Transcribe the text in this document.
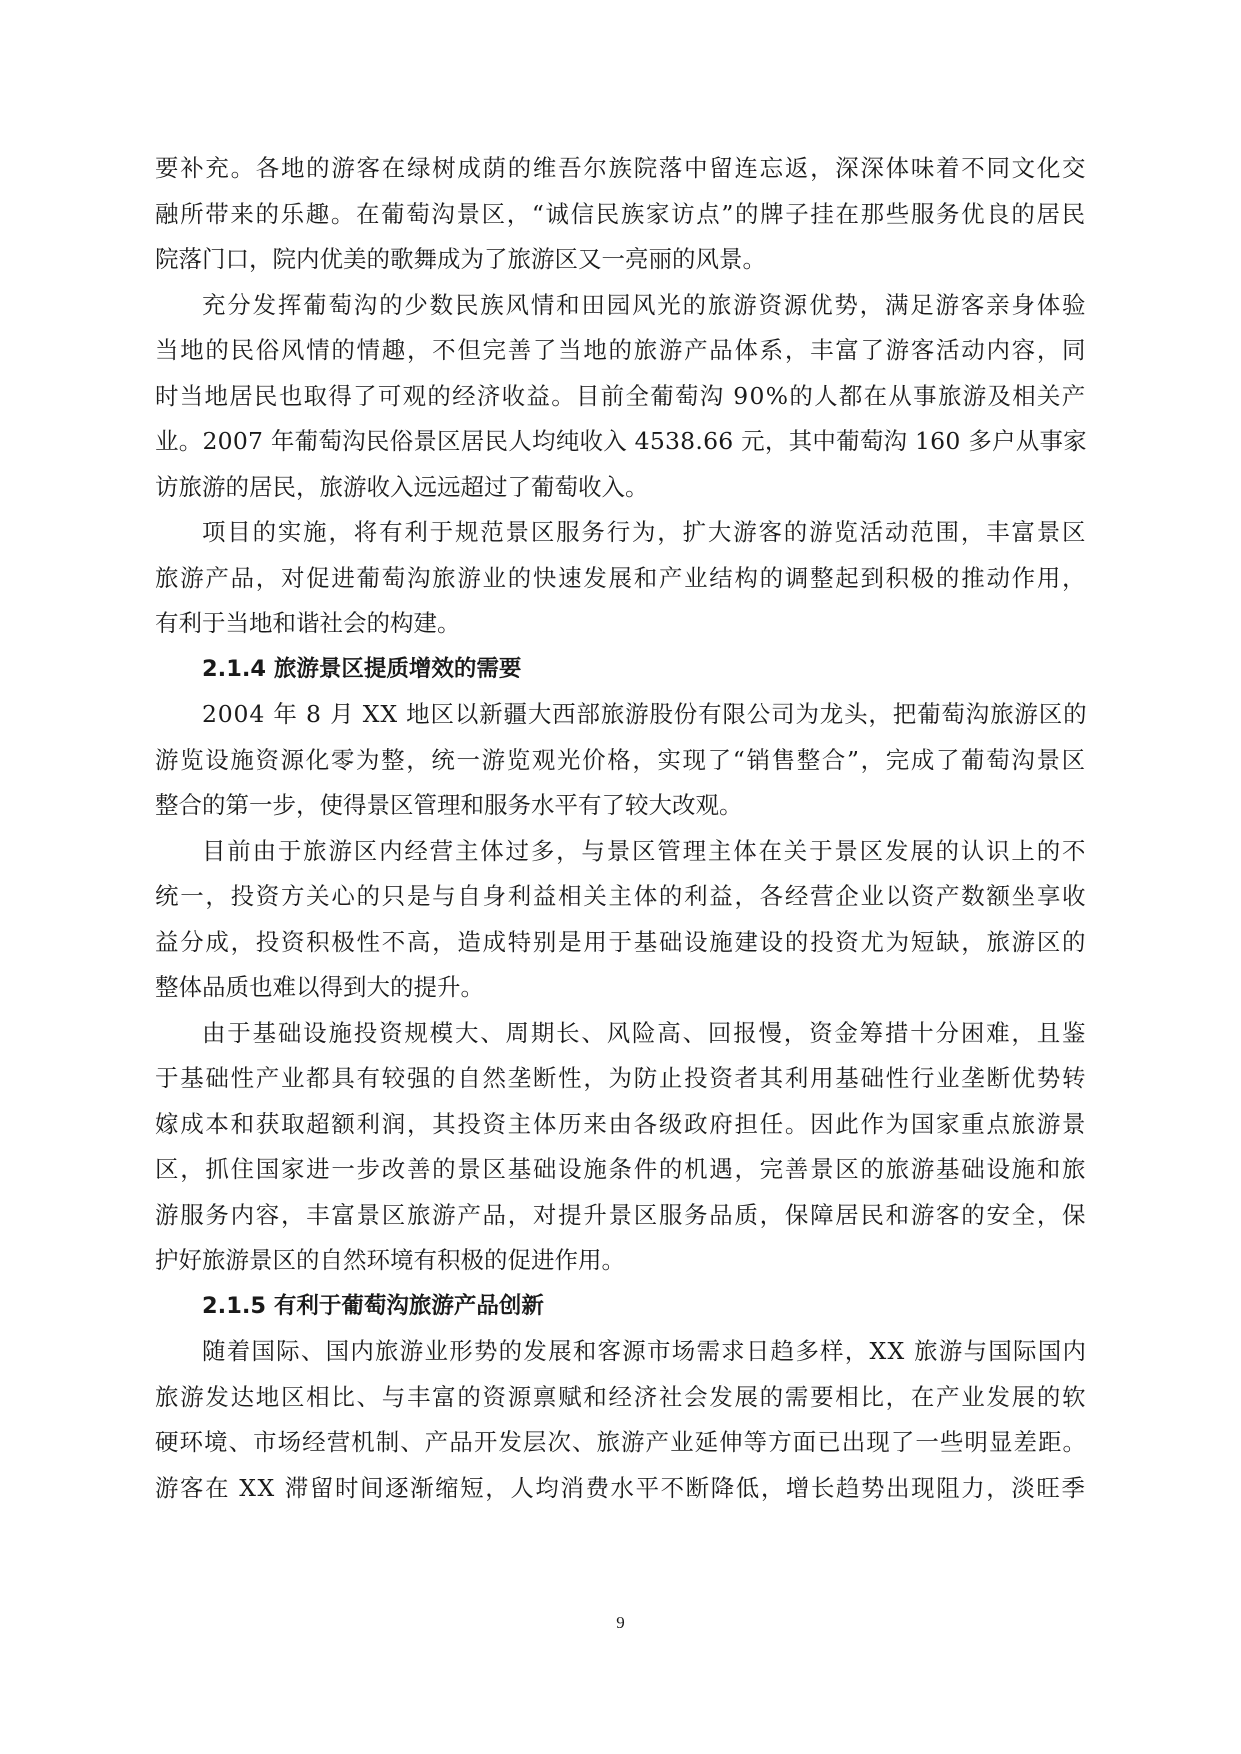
要补充。各地的游客在绿树成荫的维吾尔族院落中留连忘返，深深体味着不同文化交
融所带来的乐趣。在葡萄沟景区，“诚信民族家访点”的牌子挂在那些服务优良的居民
院落门口，院内优美的歌舞成为了旅游区又一亮丽的风景。
充分发挥葡萄沟的少数民族风情和田园风光的旅游资源优势，满足游客亲身体验
当地的民俗风情的情趣，不但完善了当地的旅游产品体系，丰富了游客活动内容，同
时当地居民也取得了可观的经济收益。目前全葡萄沟 90%的人都在从事旅游及相关产
业。2007 年葡萄沟民俗景区居民人均纯收入 4538.66 元，其中葡萄沟 160 多户从事家
访旅游的居民，旅游收入远远超过了葡萄收入。
项目的实施，将有利于规范景区服务行为，扩大游客的游览活动范围，丰富景区
旅游产品，对促进葡萄沟旅游业的快速发展和产业结构的调整起到积极的推动作用，
有利于当地和谐社会的构建。
2.1.4 旅游景区提质增效的需要
2004 年 8 月 XX 地区以新疆大西部旅游股份有限公司为龙头，把葡萄沟旅游区的
游览设施资源化零为整，统一游览观光价格，实现了“销售整合”，完成了葡萄沟景区
整合的第一步，使得景区管理和服务水平有了较大改观。
目前由于旅游区内经营主体过多，与景区管理主体在关于景区发展的认识上的不
统一，投资方关心的只是与自身利益相关主体的利益，各经营企业以资产数额坐享收
益分成，投资积极性不高，造成特别是用于基础设施建设的投资尤为短缺，旅游区的
整体品质也难以得到大的提升。
由于基础设施投资规模大、周期长、风险高、回报慢，资金筹措十分困难，且鉴
于基础性产业都具有较强的自然垄断性，为防止投资者其利用基础性行业垄断优势转
嫁成本和获取超额利润，其投资主体历来由各级政府担任。因此作为国家重点旅游景
区，抓住国家进一步改善的景区基础设施条件的机遇，完善景区的旅游基础设施和旅
游服务内容，丰富景区旅游产品，对提升景区服务品质，保障居民和游客的安全，保
护好旅游景区的自然环境有积极的促进作用。
2.1.5 有利于葡萄沟旅游产品创新
随着国际、国内旅游业形势的发展和客源市场需求日趋多样，XX 旅游与国际国内
旅游发达地区相比、与丰富的资源禀赋和经济社会发展的需要相比，在产业发展的软
硬环境、市场经营机制、产品开发层次、旅游产业延伸等方面已出现了一些明显差距。
游客在 XX 滞留时间逐渐缩短，人均消费水平不断降低，增长趋势出现阻力，淡旺季
9
